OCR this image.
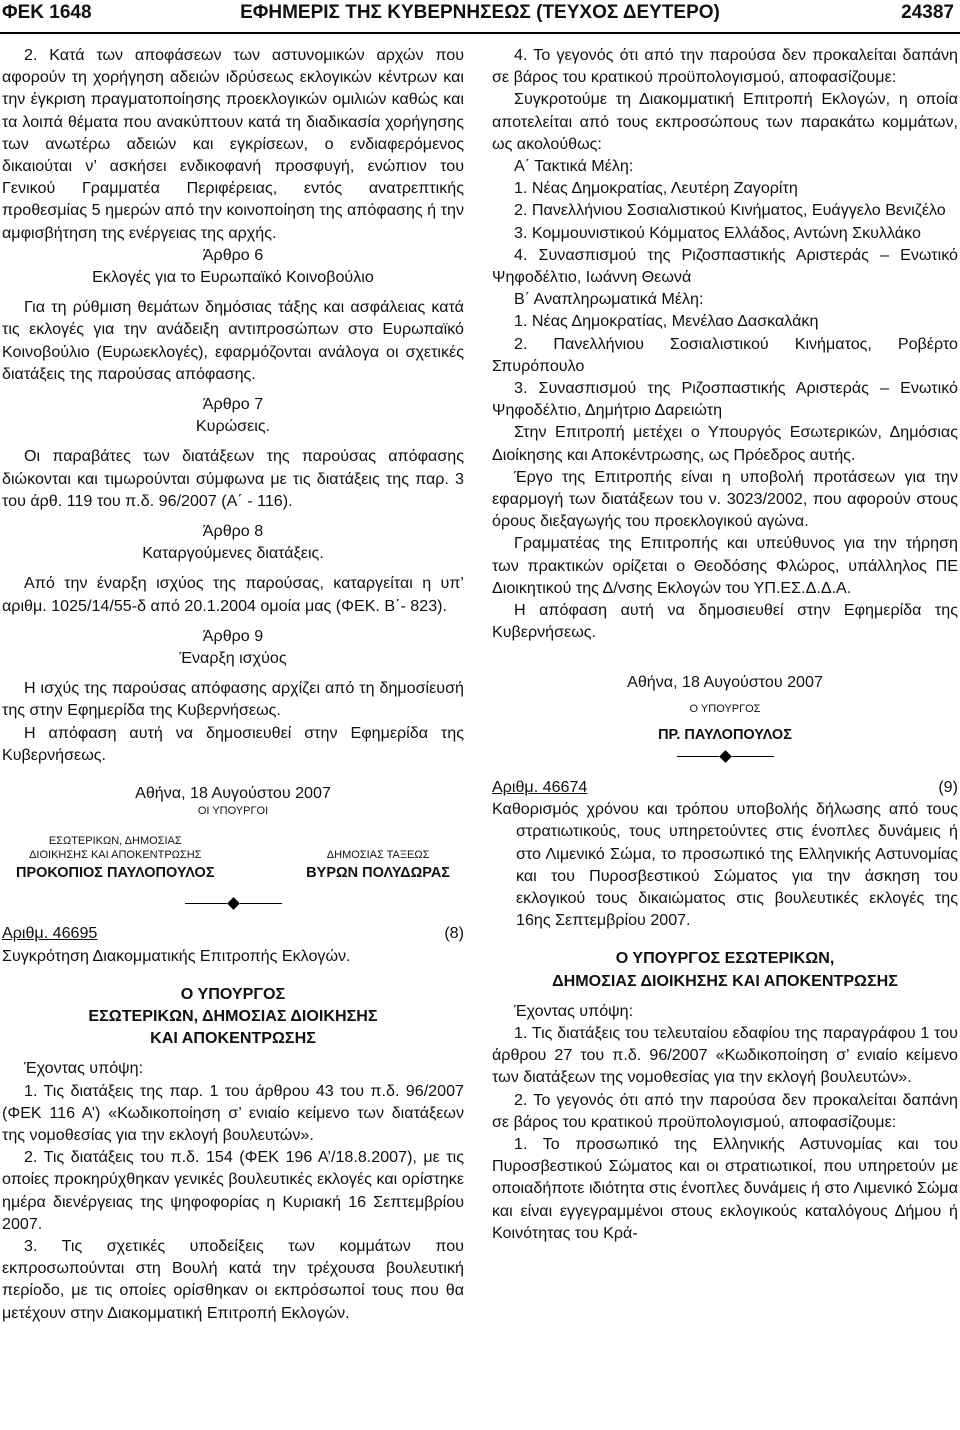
ΦΕΚ 1648	ΕΦΗΜΕΡΙΣ ΤΗΣ ΚΥΒΕΡΝΗΣΕΩΣ (ΤΕΥΧΟΣ ΔΕΥΤΕΡΟ)	24387

2. Κατά των αποφάσεων των αστυνομικών αρχών που αφορούν τη χορήγηση αδειών ιδρύσεως εκλογικών κέντρων και την έγκριση πραγματοποίησης προεκλογικών ομιλιών καθώς και τα λοιπά θέματα που ανακύπτουν κατά τη διαδικασία χορήγησης των ανωτέρω αδειών και εγκρίσεων, ο ενδιαφερόμενος δικαιούται ν’ ασκήσει ενδικοφανή προσφυγή, ενώπιον του Γενικού Γραμματέα Περιφέρειας, εντός ανατρεπτικής προθεσμίας 5 ημερών από την κοινοποίηση της απόφασης ή την αμφισβήτηση της ενέργειας της αρχής.

Άρθρο 6

Εκλογές για το Ευρωπαϊκό Κοινοβούλιο

Για τη ρύθμιση θεμάτων δημόσιας τάξης και ασφάλειας κατά τις εκλογές για την ανάδειξη αντιπροσώπων στο Ευρωπαϊκό Κοινοβούλιο (Ευρωεκλογές), εφαρμόζονται ανάλογα οι σχετικές διατάξεις της παρούσας απόφασης.

Άρθρο 7

Κυρώσεις.

Οι παραβάτες των διατάξεων της παρούσας απόφασης διώκονται και τιμωρούνται σύμφωνα με τις διατάξεις της παρ. 3 του άρθ. 119 του π.δ. 96/2007 (Α΄ - 116).

Άρθρο 8

Καταργούμενες διατάξεις.

Από την έναρξη ισχύος της παρούσας, καταργείται η υπ’ αριθμ. 1025/14/55-δ από 20.1.2004 ομοία μας (ΦΕΚ. Β΄- 823).

Άρθρο 9

Έναρξη ισχύος

Η ισχύς της παρούσας απόφασης αρχίζει από τη δημοσίευσή της στην Εφημερίδα της Κυβερνήσεως.

Η απόφαση αυτή να δημοσιευθεί στην Εφημερίδα της Κυβερνήσεως.

Αθήνα, 18 Αυγούστου 2007

ΟΙ ΥΠΟΥΡΓΟΙ

ΕΣΩΤΕΡΙΚΩΝ, ΔΗΜΟΣΙΑΣ
ΔΙΟΙΚΗΣΗΣ ΚΑΙ ΑΠΟΚΕΝΤΡΩΣΗΣ
ΠΡΟΚΟΠΙΟΣ ΠΑΥΛΟΠΟΥΛΟΣ

ΔΗΜΟΣΙΑΣ ΤΑΞΕΩΣ
ΒΥΡΩΝ ΠΟΛΥΔΩΡΑΣ
Αριθμ. 46695	(8)

Συγκρότηση Διακομματικής Επιτροπής Εκλογών.

Ο ΥΠΟΥΡΓΟΣ

ΕΣΩΤΕΡΙΚΩΝ, ΔΗΜΟΣΙΑΣ ΔΙΟΙΚΗΣΗΣ

ΚΑΙ ΑΠΟΚΕΝΤΡΩΣΗΣ

Έχοντας υπόψη:

1. Τις διατάξεις της παρ. 1 του άρθρου 43 του π.δ. 96/2007 (ΦΕΚ 116 Α’) «Κωδικοποίηση σ’ ενιαίο κείμενο των διατάξεων της νομοθεσίας για την εκλογή βουλευτών».

2. Τις διατάξεις του π.δ. 154 (ΦΕΚ 196 Α’/18.8.2007), με τις οποίες προκηρύχθηκαν γενικές βουλευτικές εκλογές και ορίστηκε ημέρα διενέργειας της ψηφοφορίας η Κυριακή 16 Σεπτεμβρίου 2007.

3. Τις σχετικές υποδείξεις των κομμάτων που εκπροσωπούνται στη Βουλή κατά την τρέχουσα βουλευτική περίοδο, με τις οποίες ορίσθηκαν οι εκπρόσωποί τους που θα μετέχουν στην Διακομματική Επιτροπή Εκλογών.

4. Το γεγονός ότι από την παρούσα δεν προκαλείται δαπάνη σε βάρος του κρατικού προϋπολογισμού, αποφασίζουμε:

Συγκροτούμε τη Διακομματική Επιτροπή Εκλογών, η οποία αποτελείται από τους εκπροσώπους των παρακάτω κομμάτων, ως ακολούθως:

Α΄ Τακτικά Μέλη:

1. Νέας Δημοκρατίας, Λευτέρη Ζαγορίτη

2. Πανελλήνιου Σοσιαλιστικού Κινήματος, Ευάγγελο Βενιζέλο

3. Κομμουνιστικού Κόμματος Ελλάδος, Αντώνη Σκυλλάκο

4. Συνασπισμού της Ριζοσπαστικής Αριστεράς – Ενωτικό Ψηφοδέλτιο, Ιωάννη Θεωνά

Β΄ Αναπληρωματικά Μέλη:

1. Νέας Δημοκρατίας, Μενέλαο Δασκαλάκη

2. Πανελλήνιου Σοσιαλιστικού Κινήματος, Ροβέρτο Σπυρόπουλο

3. Συνασπισμού της Ριζοσπαστικής Αριστεράς – Ενωτικό Ψηφοδέλτιο, Δημήτριο Δαρειώτη

Στην Επιτροπή μετέχει ο Υπουργός Εσωτερικών, Δημόσιας Διοίκησης και Αποκέντρωσης, ως Πρόεδρος αυτής.

Έργο της Επιτροπής είναι η υποβολή προτάσεων για την εφαρμογή των διατάξεων του ν. 3023/2002, που αφορούν στους όρους διεξαγωγής του προεκλογικού αγώνα.

Γραμματέας της Επιτροπής και υπεύθυνος για την τήρηση των πρακτικών ορίζεται ο Θεοδόσης Φλώρος, υπάλληλος ΠΕ Διοικητικού της Δ/νσης Εκλογών του ΥΠ.ΕΣ.Δ.Δ.Α.

Η απόφαση αυτή να δημοσιευθεί στην Εφημερίδα της Κυβερνήσεως.

Αθήνα, 18 Αυγούστου 2007

Ο ΥΠΟΥΡΓΟΣ

ΠΡ. ΠΑΥΛΟΠΟΥΛΟΣ

Αριθμ. 46674	(9)

Καθορισμός χρόνου και τρόπου υποβολής δήλωσης από τους στρατιωτικούς, τους υπηρετούντες στις ένοπλες δυνάμεις ή στο Λιμενικό Σώμα, το προσωπικό της Ελληνικής Αστυνομίας και του Πυροσβεστικού Σώματος για την άσκηση του εκλογικού τους δικαιώματος στις βουλευτικές εκλογές της 16ης Σεπτεμβρίου 2007.

Ο ΥΠΟΥΡΓΟΣ ΕΣΩΤΕΡΙΚΩΝ,

ΔΗΜΟΣΙΑΣ ΔΙΟΙΚΗΣΗΣ ΚΑΙ ΑΠΟΚΕΝΤΡΩΣΗΣ

Έχοντας υπόψη:

1. Τις διατάξεις του τελευταίου εδαφίου της παραγράφου 1 του άρθρου 27 του π.δ. 96/2007 «Κωδικοποίηση σ’ ενιαίο κείμενο των διατάξεων της νομοθεσίας για την εκλογή βουλευτών».

2. Το γεγονός ότι από την παρούσα δεν προκαλείται δαπάνη σε βάρος του κρατικού προϋπολογισμού, αποφασίζουμε:

1. Το προσωπικό της Ελληνικής Αστυνομίας και του Πυροσβεστικού Σώματος και οι στρατιωτικοί, που υπηρετούν με οποιαδήποτε ιδιότητα στις ένοπλες δυνάμεις ή στο Λιμενικό Σώμα και είναι εγγεγραμμένοι στους εκλογικούς καταλόγους Δήμου ή Κοινότητας του Κρά-
